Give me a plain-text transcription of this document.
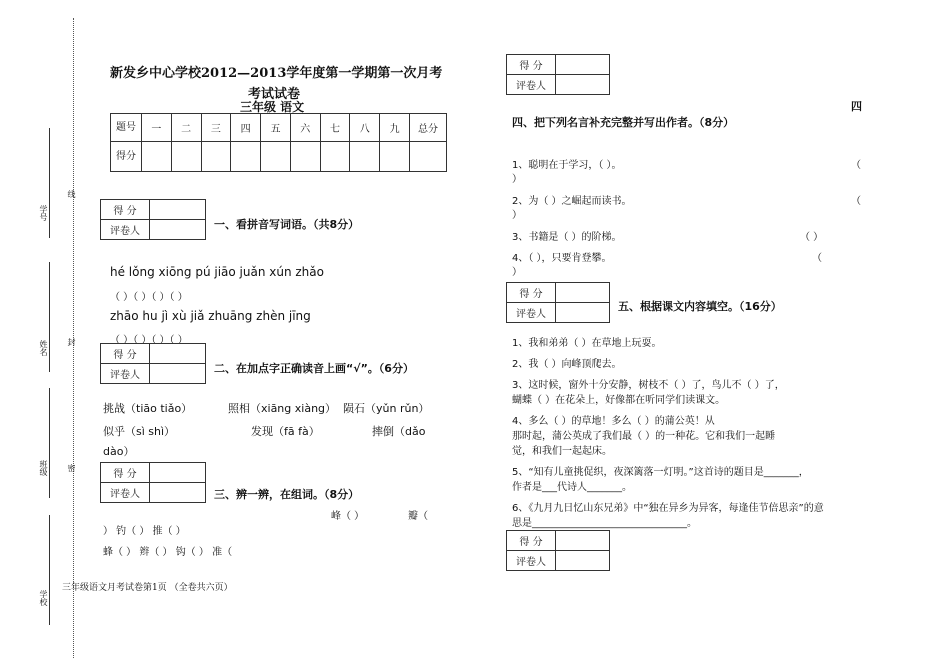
学号
线
姓名 封
班级 密
学校
新发乡中心学校2012—2013学年度第一学期第一次月考
考试试卷
三年级 语文
题号	一	二	三	四	五	六	七	八	九	总分
得分										
得 分	
评卷人	
一、看拼音写词语。（共8分）
hé lǒng xiōng pú jiāo juǎn xún zhǎo
（ ）（ ）（ ）（ ）
zhāo hu jì xù jiǎ zhuāng zhèn jīng
（ ）（ ）（ ）（ ）
得 分	
评卷人	
二、在加点字正确读音上画“√”。（6分）
挑战（tiāo tiǎo）	照相（xiāng xiàng） 陨石（yǔn rǔn）
似乎（sì shì）	发现（fā fà）	摔倒（dǎo
dào）
得 分	
评卷人		三、辨一辨，在组词。（8分）
峰（ ）	瓣（
） 钓（ ） 推（ ）
蜂（ ） 辫（ ） 钩（ ） 准（
三年级语文月考试卷第1页 （全卷共六页）
得 分	
评卷人	
四
四、把下列名言补充完整并写出作者。（8分）
1、聪明在于学习，（ ）。	（
）
2、为（ ）之崛起而读书。	（
）
3、书籍是（ ）的阶梯。	（ ）
4、（ ），只要肯登攀。	（
）
得 分	
评卷人	
五、根据课文内容填空。（16分）
1、我和弟弟（ ）在草地上玩耍。
2、我（ ）向峰顶爬去。
3、这时候，窗外十分安静，树枝不（ ）了，鸟儿不（ ）了，
蝴蝶（ ）在花朵上，好像都在听同学们读课文。
4、多么（ ）的草地！多么（ ）的蒲公英！从
那时起，蒲公英成了我们最（ ）的一种花。它和我们一起睡
觉，和我们一起起床。
5、“知有儿童挑促织，夜深篱落一灯明。”这首诗的题目是_______，
作者是___代诗人_______。
6、《九月九日忆山东兄弟》中“独在异乡为异客，每逢佳节倍思亲”的意
思是_______________________________。
得 分	
评卷人	
